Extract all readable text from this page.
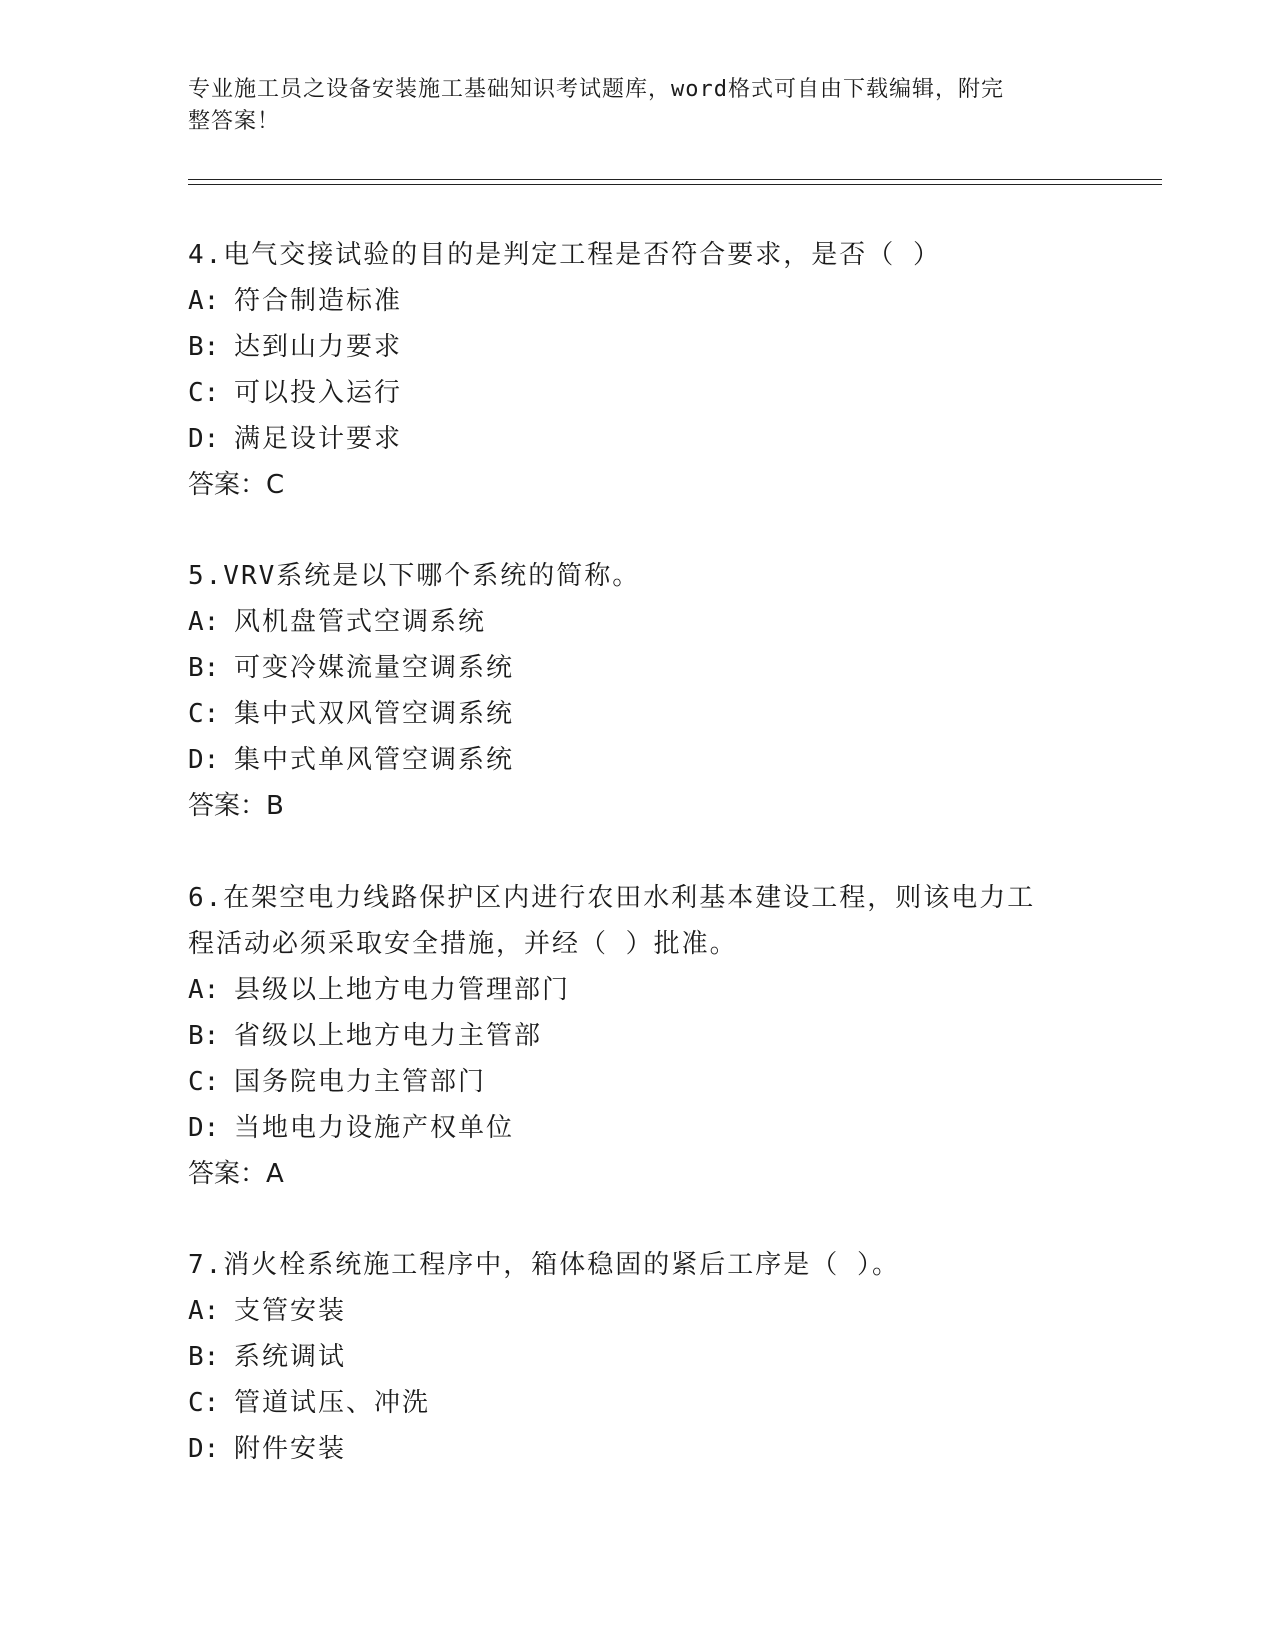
专业施工员之设备安装施工基础知识考试题库，word格式可自由下载编辑，附完
整答案！
4.电气交接试验的目的是判定工程是否符合要求，是否（ ）
A: 符合制造标准
B: 达到山力要求
C: 可以投入运行
D: 满足设计要求
答案：C
5.VRV系统是以下哪个系统的简称。
A: 风机盘管式空调系统
B: 可变冷媒流量空调系统
C: 集中式双风管空调系统
D: 集中式单风管空调系统
答案：B
6.在架空电力线路保护区内进行农田水利基本建设工程，则该电力工
程活动必须采取安全措施，并经（ ）批准。
A: 县级以上地方电力管理部门
B: 省级以上地方电力主管部
C: 国务院电力主管部门
D: 当地电力设施产权单位
答案：A
7.消火栓系统施工程序中，箱体稳固的紧后工序是（ ）。
A: 支管安装
B: 系统调试
C: 管道试压、冲洗
D: 附件安装
